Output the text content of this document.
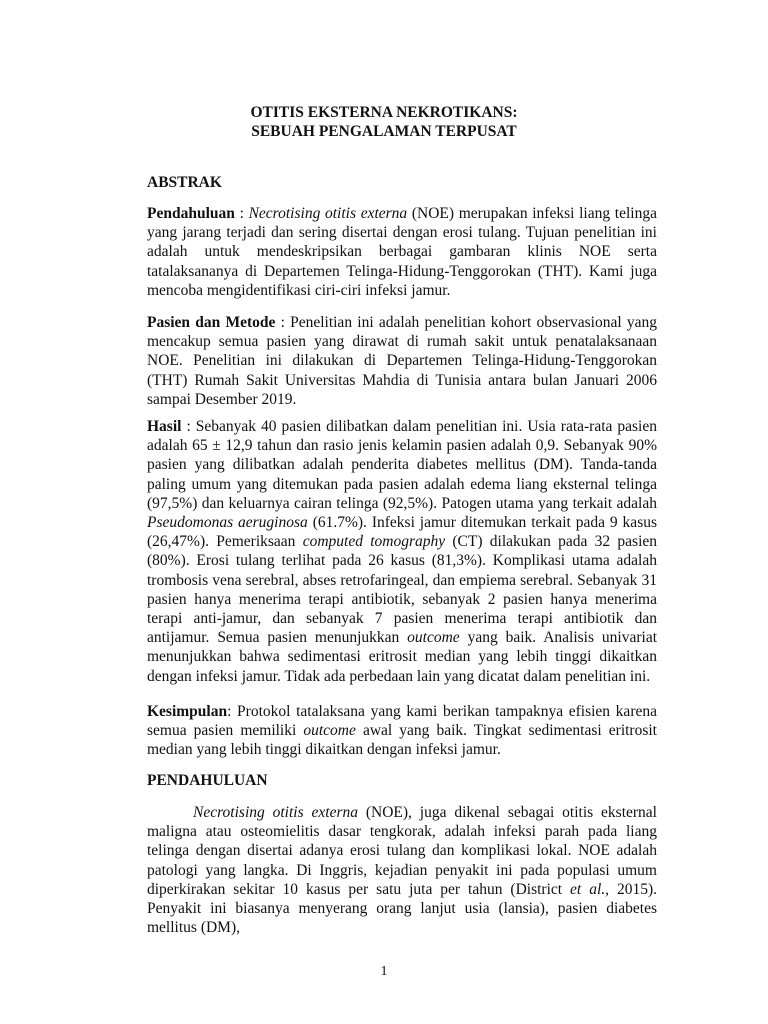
OTITIS EKSTERNA NEKROTIKANS:
SEBUAH PENGALAMAN TERPUSAT
ABSTRAK
Pendahuluan : Necrotising otitis externa (NOE) merupakan infeksi liang telinga yang jarang terjadi dan sering disertai dengan erosi tulang. Tujuan penelitian ini adalah untuk mendeskripsikan berbagai gambaran klinis NOE serta tatalaksananya di Departemen Telinga-Hidung-Tenggorokan (THT). Kami juga mencoba mengidentifikasi ciri-ciri infeksi jamur.
Pasien dan Metode : Penelitian ini adalah penelitian kohort observasional yang mencakup semua pasien yang dirawat di rumah sakit untuk penatalaksanaan NOE. Penelitian ini dilakukan di Departemen Telinga-Hidung-Tenggorokan (THT) Rumah Sakit Universitas Mahdia di Tunisia antara bulan Januari 2006 sampai Desember 2019.
Hasil : Sebanyak 40 pasien dilibatkan dalam penelitian ini. Usia rata-rata pasien adalah 65 ± 12,9 tahun dan rasio jenis kelamin pasien adalah 0,9. Sebanyak 90% pasien yang dilibatkan adalah penderita diabetes mellitus (DM). Tanda-tanda paling umum yang ditemukan pada pasien adalah edema liang eksternal telinga (97,5%) dan keluarnya cairan telinga (92,5%). Patogen utama yang terkait adalah Pseudomonas aeruginosa (61.7%). Infeksi jamur ditemukan terkait pada 9 kasus (26,47%). Pemeriksaan computed tomography (CT) dilakukan pada 32 pasien (80%). Erosi tulang terlihat pada 26 kasus (81,3%). Komplikasi utama adalah trombosis vena serebral, abses retrofaringeal, dan empiema serebral. Sebanyak 31 pasien hanya menerima terapi antibiotik, sebanyak 2 pasien hanya menerima terapi anti-jamur, dan sebanyak 7 pasien menerima terapi antibiotik dan antijamur. Semua pasien menunjukkan outcome yang baik. Analisis univariat menunjukkan bahwa sedimentasi eritrosit median yang lebih tinggi dikaitkan dengan infeksi jamur. Tidak ada perbedaan lain yang dicatat dalam penelitian ini.
Kesimpulan: Protokol tatalaksana yang kami berikan tampaknya efisien karena semua pasien memiliki outcome awal yang baik. Tingkat sedimentasi eritrosit median yang lebih tinggi dikaitkan dengan infeksi jamur.
PENDAHULUAN
Necrotising otitis externa (NOE), juga dikenal sebagai otitis eksternal maligna atau osteomielitis dasar tengkorak, adalah infeksi parah pada liang telinga dengan disertai adanya erosi tulang dan komplikasi lokal. NOE adalah patologi yang langka. Di Inggris, kejadian penyakit ini pada populasi umum diperkirakan sekitar 10 kasus per satu juta per tahun (District et al., 2015). Penyakit ini biasanya menyerang orang lanjut usia (lansia), pasien diabetes mellitus (DM),
1
